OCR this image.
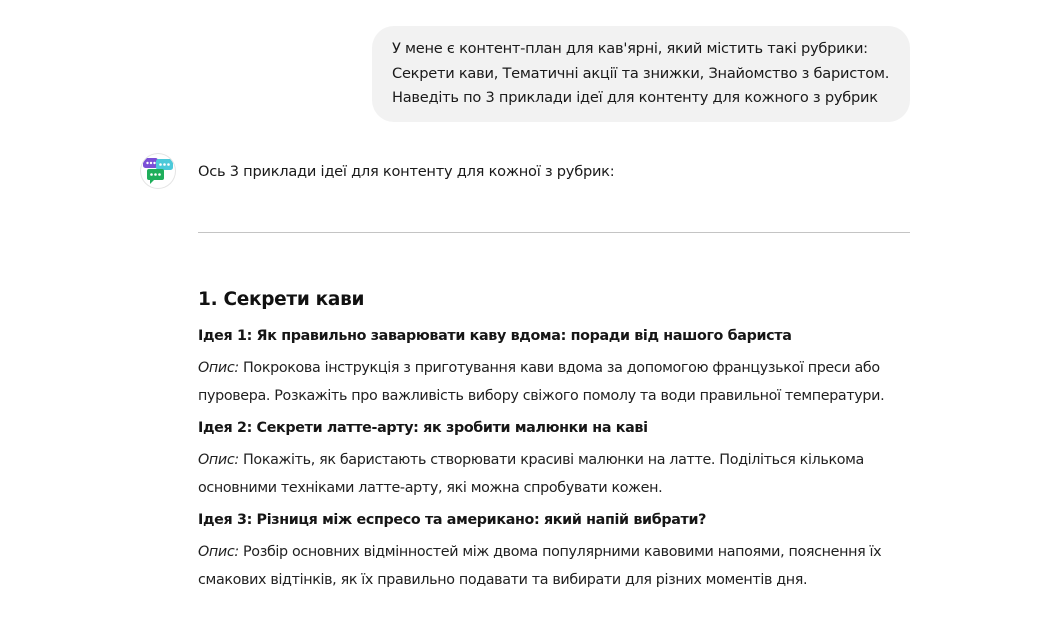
У мене є контент-план для кав'ярні, який містить такі рубрики:
Секрети кави, Тематичні акції та знижки, Знайомство з баристом.
Наведіть по 3 приклади ідеї для контенту для кожного з рубрик
Ось 3 приклади ідеї для контенту для кожної з рубрик:
1. Секрети кави
Ідея 1: Як правильно заварювати каву вдома: поради від нашого бариста
Опис: Покрокова інструкція з приготування кави вдома за допомогою французької преси або
пуровера. Розкажіть про важливість вибору свіжого помолу та води правильної температури.
Ідея 2: Секрети латте-арту: як зробити малюнки на каві
Опис: Покажіть, як баристають створювати красиві малюнки на латте. Поділіться кількома
основними техніками латте-арту, які можна спробувати кожен.
Ідея 3: Різниця між еспресо та американо: який напій вибрати?
Опис: Розбір основних відмінностей між двома популярними кавовими напоями, пояснення їх
смакових відтінків, як їх правильно подавати та вибирати для різних моментів дня.
